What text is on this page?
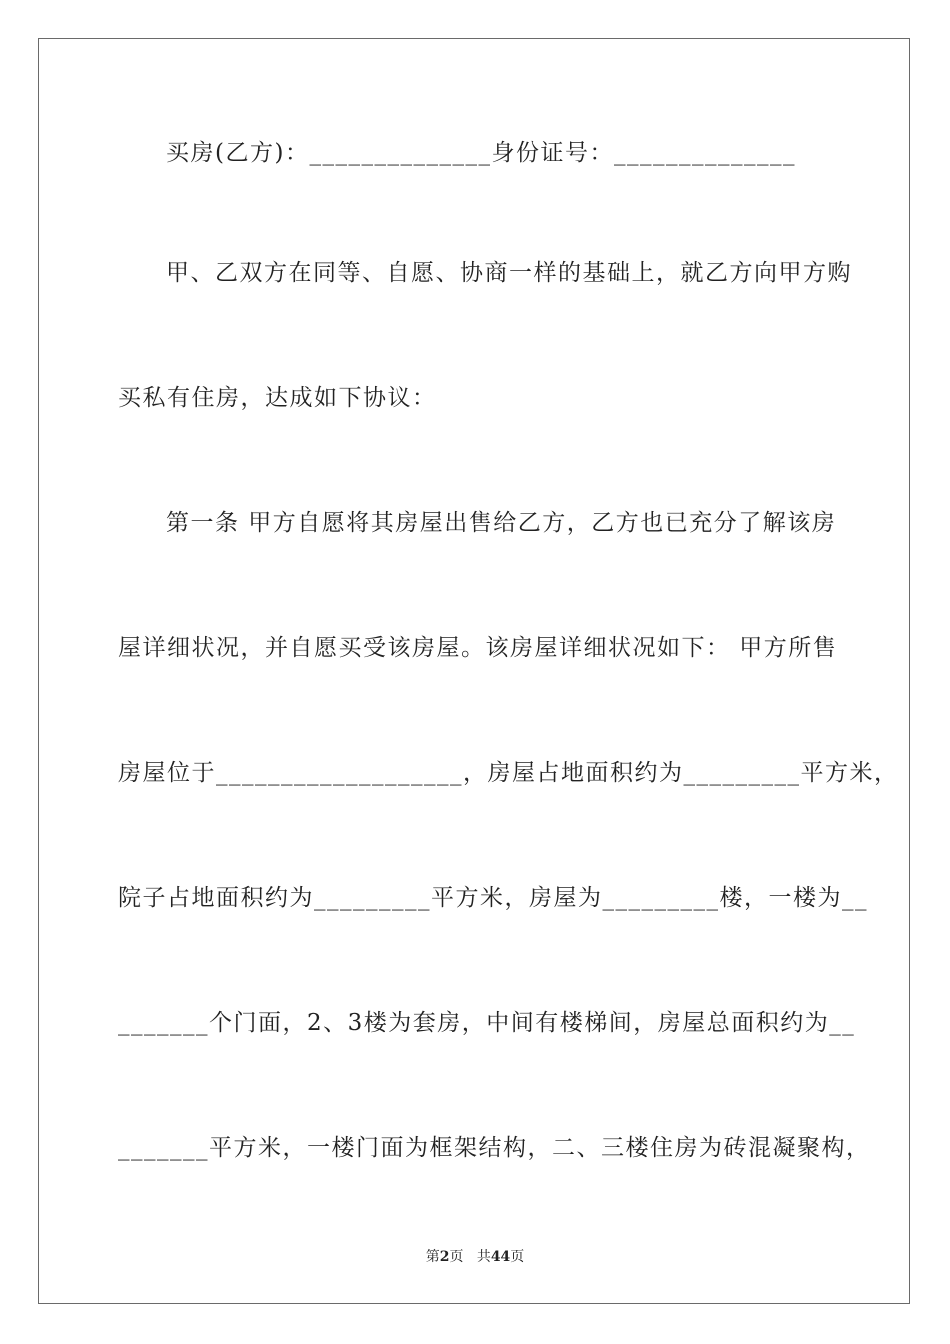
买房(乙方)：______________身份证号：______________
甲、乙双方在同等、自愿、协商一样的基础上，就乙方向甲方购
买私有住房，达成如下协议：
第一条 甲方自愿将其房屋出售给乙方，乙方也已充分了解该房
屋详细状况，并自愿买受该房屋。该房屋详细状况如下： 甲方所售
房屋位于___________________，房屋占地面积约为_________平方米，
院子占地面积约为_________平方米，房屋为_________楼，一楼为__
_______个门面，2、3楼为套房，中间有楼梯间，房屋总面积约为__
_______平方米，一楼门面为框架结构，二、三楼住房为砖混凝聚构，
第2页 共44页
